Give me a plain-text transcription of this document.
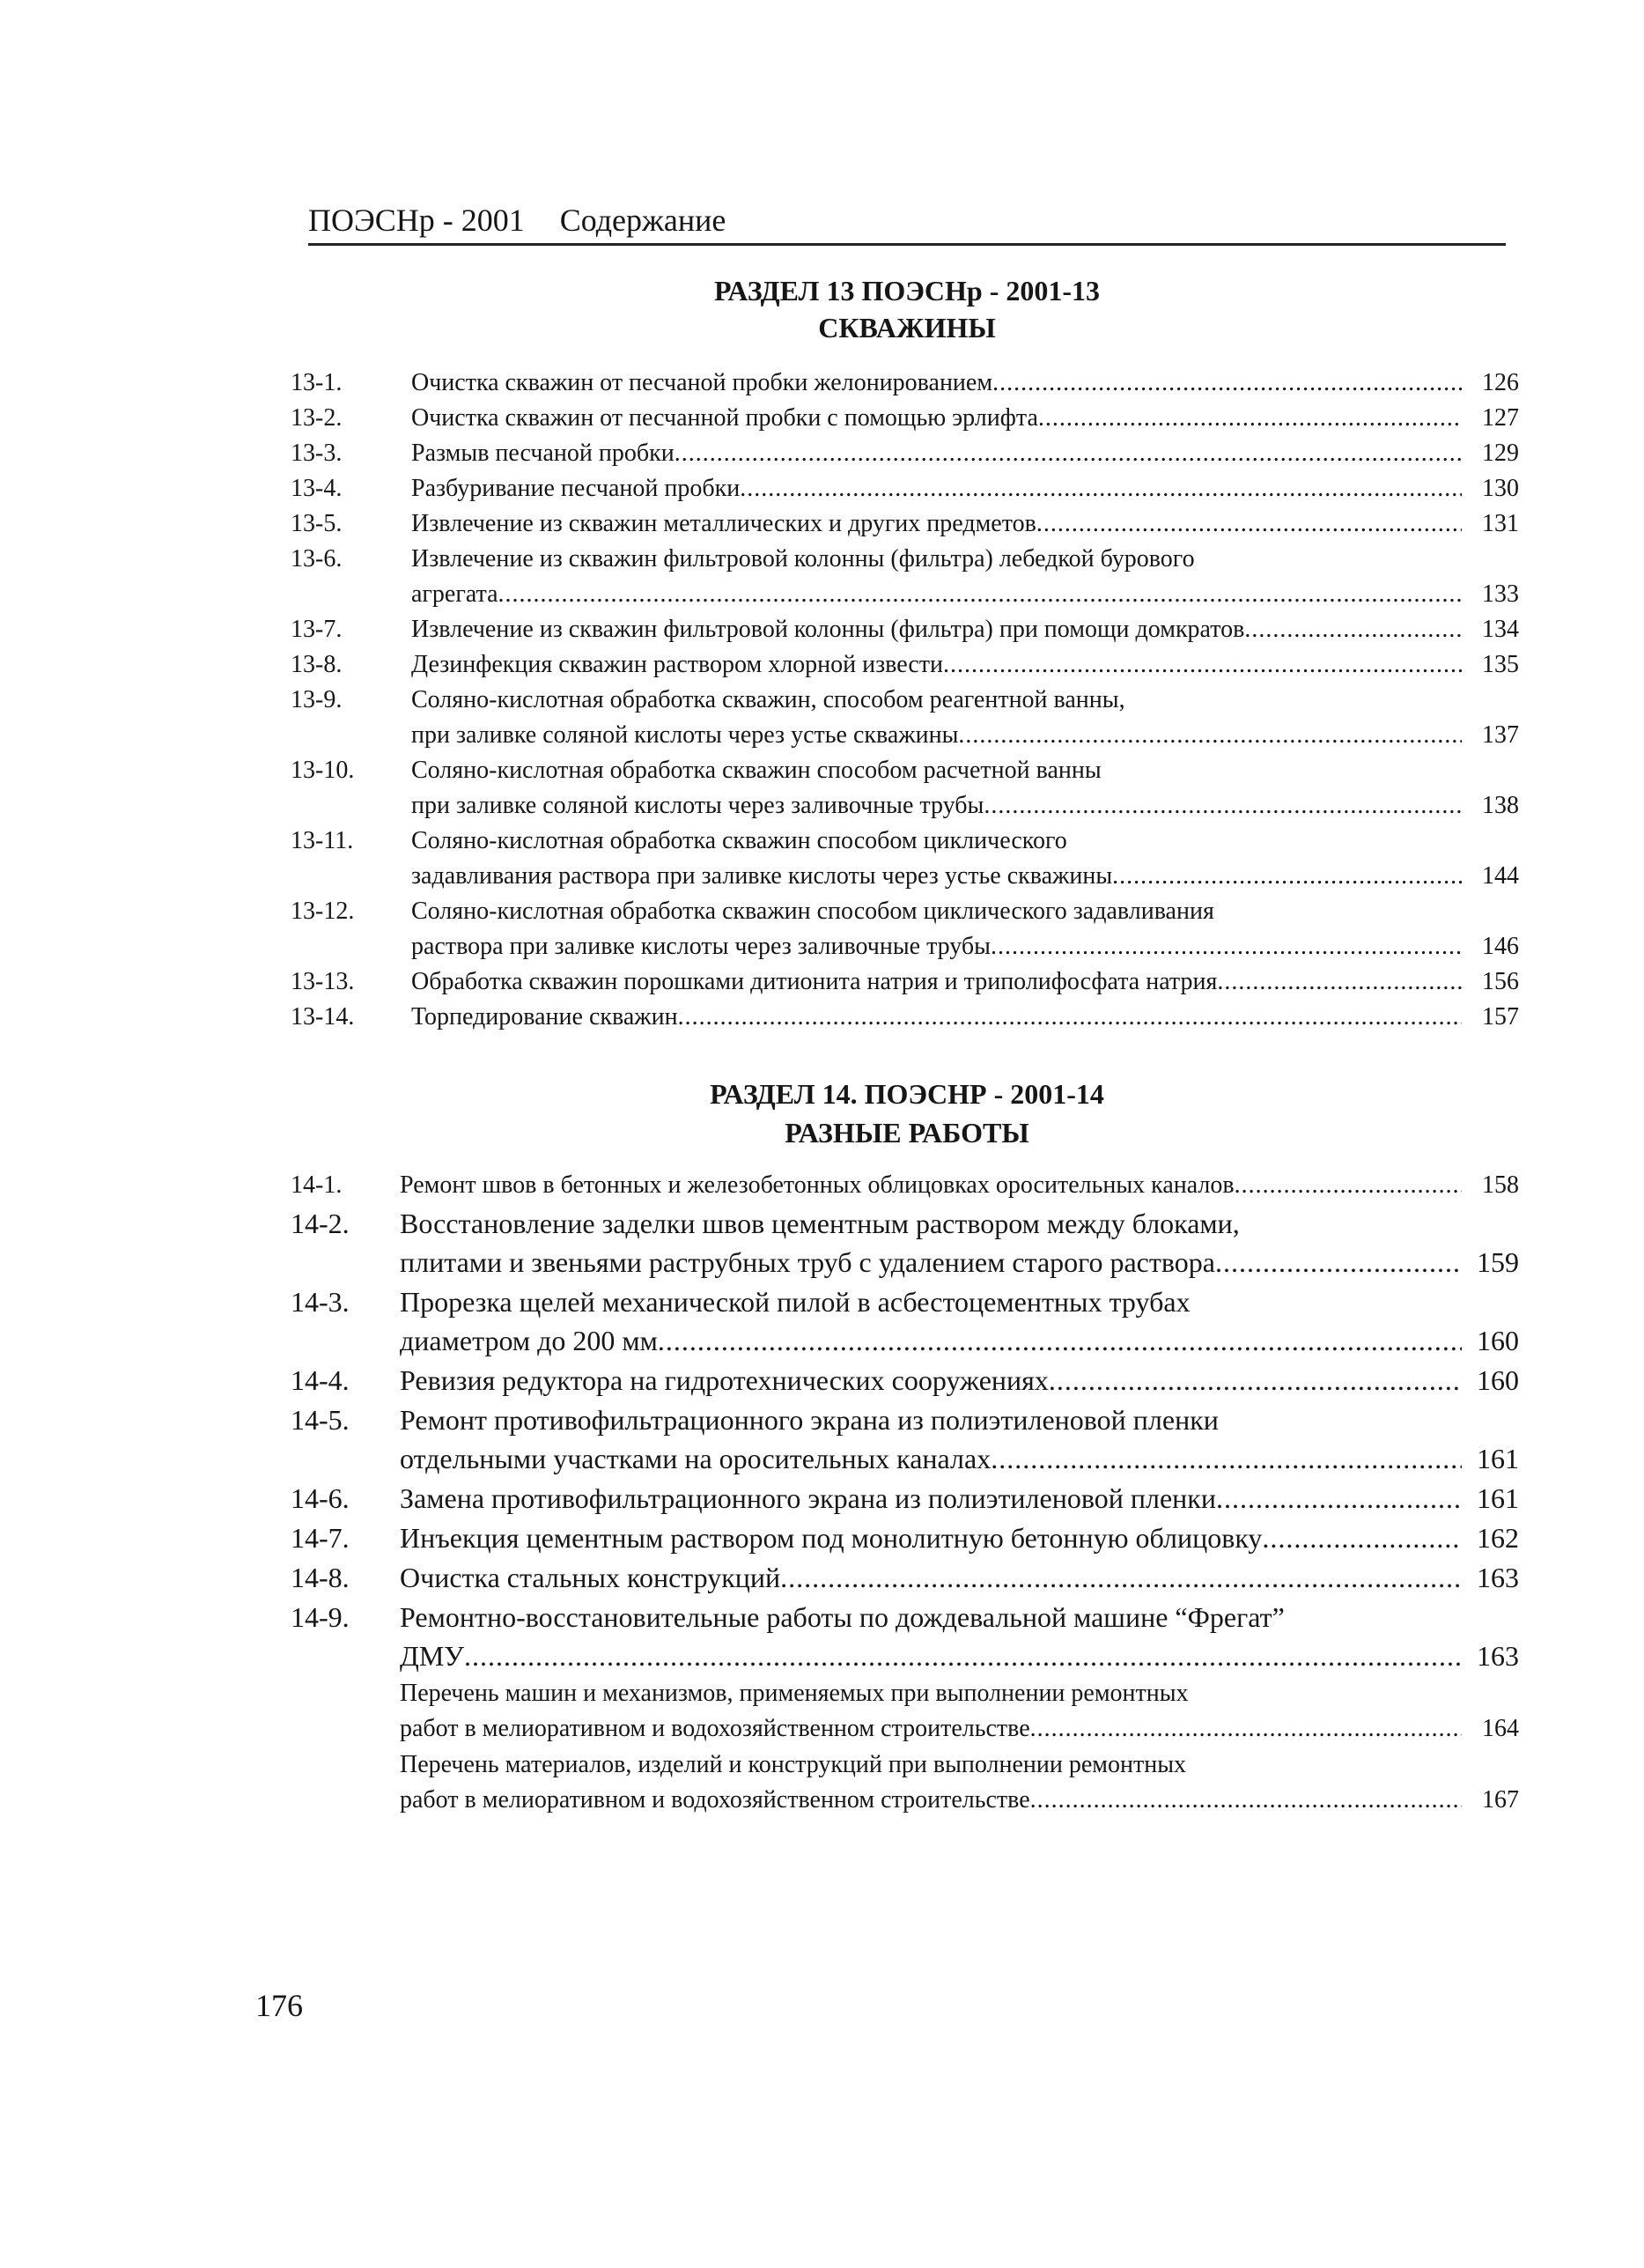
ПОЭСНр - 2001 Содержание
РАЗДЕЛ 13 ПОЭСНр - 2001-13
СКВАЖИНЫ
13-1.	Очистка скважин от песчаной пробки желонированием .....	126
13-2.	Очистка скважин от песчанной пробки с помощью эрлифта .....	127
13-3.	Размыв песчаной пробки .....	129
13-4.	Разбуривание песчаной пробки .....	130
13-5.	Извлечение из скважин металлических и других предметов .....	131
13-6.	Извлечение из скважин фильтровой колонны (фильтра) лебедкой бурового
агрегата .....	133
13-7.	Извлечение из скважин фильтровой колонны (фильтра) при помощи домкратов .....	134
13-8.	Дезинфекция скважин раствором хлорной извести .....	135
13-9.	Соляно-кислотная обработка скважин, способом реагентной ванны,
при заливке соляной кислоты через устье скважины .....	137
13-10. Соляно-кислотная обработка скважин способом расчетной ванны
при заливке соляной кислоты через заливочные трубы .....	138
13-11. Соляно-кислотная обработка скважин способом циклического
задавливания раствора при заливке кислоты через устье скважины .....	144
13-12. Соляно-кислотная обработка скважин способом циклического задавливания
раствора при заливке кислоты через заливочные трубы .....	146
13-13. Обработка скважин порошками дитионита натрия и триполифосфата натрия .....	156
13-14. Торпедирование скважин .....	157
РАЗДЕЛ 14. ПОЭСНР - 2001-14
РАЗНЫЕ РАБОТЫ
14-1. Ремонт швов в бетонных и железобетонных облицовках оросительных каналов .....	158
14-2. Восстановление заделки швов цементным раствором между блоками,
плитами и звеньями раструбных труб с удалением старого раствора .....	159
14-3. Прорезка щелей механической пилой в асбестоцементных трубах
диаметром до 200 мм .....	160
14-4. Ревизия редуктора на гидротехнических сооружениях .....	160
14-5. Ремонт противофильтрационного экрана из полиэтиленовой пленки
отдельными участками на оросительных каналах .....	161
14-6. Замена противофильтрационного экрана из полиэтиленовой пленки .....	161
14-7. Инъекция цементным раствором под монолитную бетонную облицовку .....	162
14-8. Очистка стальных конструкций .....	163
14-9. Ремонтно-восстановительные работы по дождевальной машине “Фрегат”
ДМУ .....	163
Перечень машин и механизмов, применяемых при выполнении ремонтных
работ в мелиоративном и водохозяйственном строительстве .....	164
Перечень материалов, изделий и конструкций при выполнении ремонтных
работ в мелиоративном и водохозяйственном строительстве .....	167
176
